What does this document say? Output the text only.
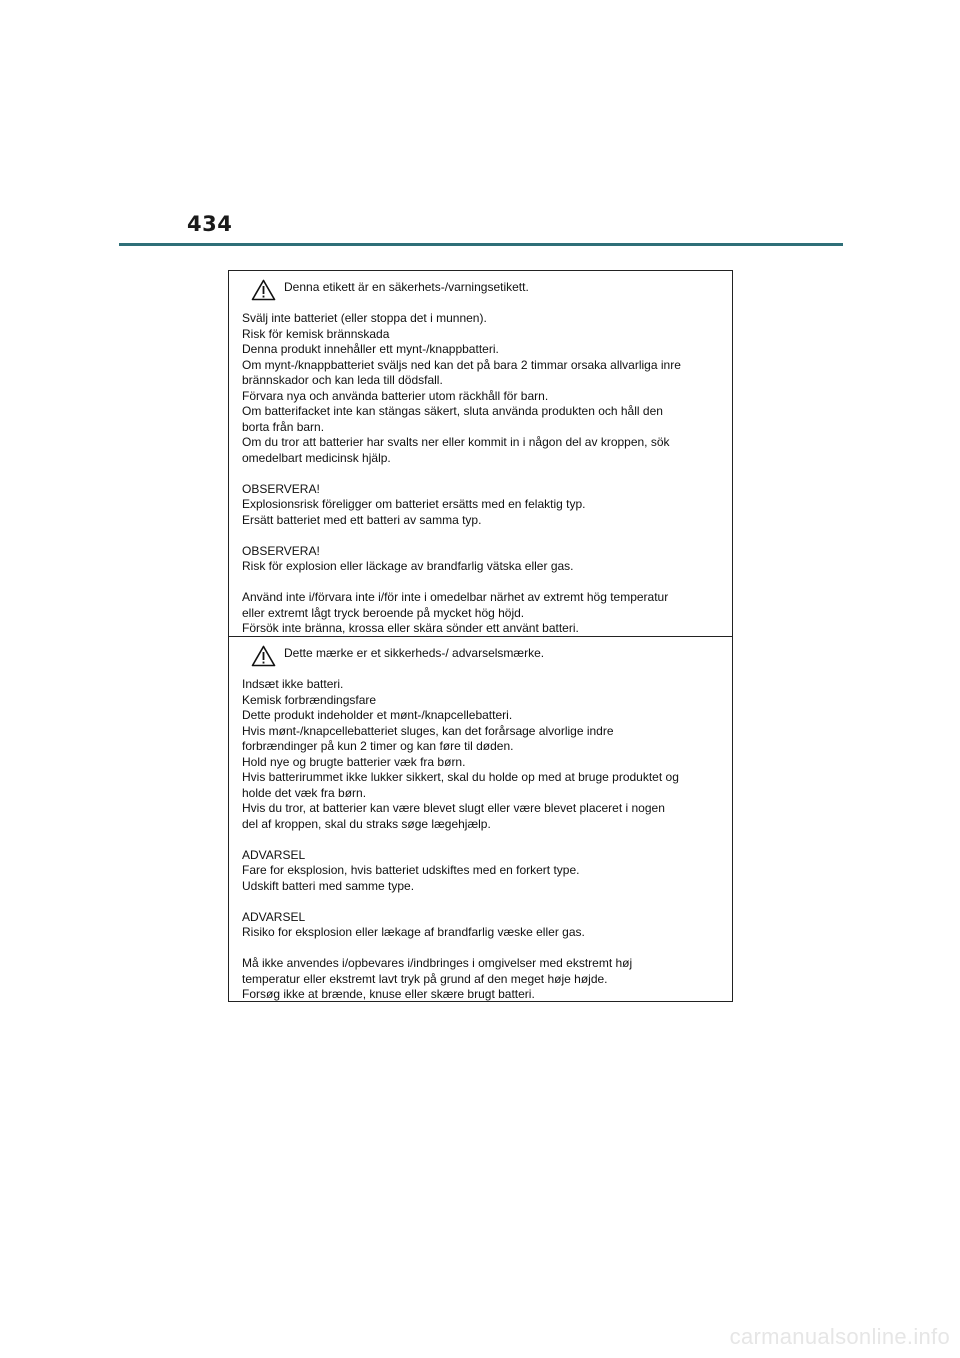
434
Denna etikett är en säkerhets-/varningsetikett.
Svälj inte batteriet (eller stoppa det i munnen).
Risk för kemisk brännskada
Denna produkt innehåller ett mynt-/knappbatteri.
Om mynt-/knappbatteriet sväljs ned kan det på bara 2 timmar orsaka allvarliga inre
brännskador och kan leda till dödsfall.
Förvara nya och använda batterier utom räckhåll för barn.
Om batterifacket inte kan stängas säkert, sluta använda produkten och håll den
borta från barn.
Om du tror att batterier har svalts ner eller kommit in i någon del av kroppen, sök
omedelbart medicinsk hjälp.
OBSERVERA!
Explosionsrisk föreligger om batteriet ersätts med en felaktig typ.
Ersätt batteriet med ett batteri av samma typ.
OBSERVERA!
Risk för explosion eller läckage av brandfarlig vätska eller gas.
Använd inte i/förvara inte i/för inte i omedelbar närhet av extremt hög temperatur
eller extremt lågt tryck beroende på mycket hög höjd.
Försök inte bränna, krossa eller skära sönder ett använt batteri.
Dette mærke er et sikkerheds-/ advarselsmærke.
Indsæt ikke batteri.
Kemisk forbrændingsfare
Dette produkt indeholder et mønt-/knapcellebatteri.
Hvis mønt-/knapcellebatteriet sluges, kan det forårsage alvorlige indre
forbrændinger på kun 2 timer og kan føre til døden.
Hold nye og brugte batterier væk fra børn.
Hvis batterirummet ikke lukker sikkert, skal du holde op med at bruge produktet og
holde det væk fra børn.
Hvis du tror, at batterier kan være blevet slugt eller være blevet placeret i nogen
del af kroppen, skal du straks søge lægehjælp.
ADVARSEL
Fare for eksplosion, hvis batteriet udskiftes med en forkert type.
Udskift batteri med samme type.
ADVARSEL
Risiko for eksplosion eller lækage af brandfarlig væske eller gas.
Må ikke anvendes i/opbevares i/indbringes i omgivelser med ekstremt høj
temperatur eller ekstremt lavt tryk på grund af den meget høje højde.
Forsøg ikke at brænde, knuse eller skære brugt batteri.
carmanualsonline.info
